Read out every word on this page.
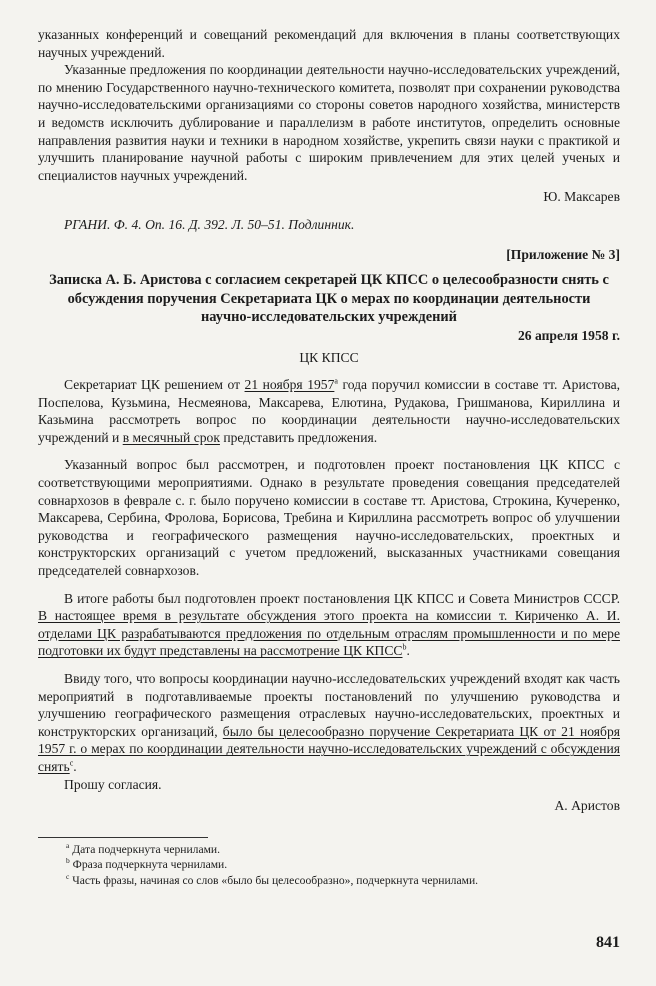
указанных конференций и совещаний рекомендаций для включения в планы соответствующих научных учреждений.

Указанные предложения по координации деятельности научно-исследовательских учреждений, по мнению Государственного научно-технического комитета, позволят при сохранении руководства научно-исследовательскими организациями со стороны советов народного хозяйства, министерств и ведомств исключить дублирование и параллелизм в работе институтов, определить основные направления развития науки и техники в народном хозяйстве, укрепить связи науки с практикой и улучшить планирование научной работы с широким привлечением для этих целей ученых и специалистов научных учреждений.

Ю. Максарев

РГАНИ. Ф. 4. Оп. 16. Д. 392. Л. 50–51. Подлинник.

[Приложение № 3]

Записка А. Б. Аристова с согласием секретарей ЦК КПСС о целесообразности снять с обсуждения поручения Секретариата ЦК о мерах по координации деятельности научно-исследовательских учреждений

26 апреля 1958 г.

ЦК КПСС

Секретариат ЦК решением от 21 ноября 1957$^a$ года поручил комиссии в составе тт. Аристова, Поспелова, Кузьмина, Несмеянова, Максарева, Елютина, Рудакова, Гришманова, Кириллина и Казьмина рассмотреть вопрос по координации деятельности научно-исследовательских учреждений и в месячный срок представить предложения.

Указанный вопрос был рассмотрен, и подготовлен проект постановления ЦК КПСС с соответствующими мероприятиями. Однако в результате проведения совещания председателей совнархозов в феврале с. г. было поручено комиссии в составе тт. Аристова, Строкина, Кучеренко, Максарева, Сербина, Фролова, Борисова, Требина и Кириллина рассмотреть вопрос об улучшении руководства и географического размещения научно-исследовательских, проектных и конструкторских организаций с учетом предложений, высказанных участниками совещания председателей совнархозов.

В итоге работы был подготовлен проект постановления ЦК КПСС и Совета Министров СССР. В настоящее время в результате обсуждения этого проекта на комиссии т. Кириченко А. И. отделами ЦК разрабатываются предложения по отдельным отраслям промышленности и по мере подготовки их будут представлены на рассмотрение ЦК КПСС$^b$.

Ввиду того, что вопросы координации научно-исследовательских учреждений входят как часть мероприятий в подготавливаемые проекты постановлений по улучшению руководства и улучшению географического размещения отраслевых научно-исследовательских, проектных и конструкторских организаций, было бы целесообразно поручение Секретариата ЦК от 21 ноября 1957 г. о мерах по координации деятельности научно-исследовательских учреждений с обсуждения снять$^c$.

Прошу согласия.

А. Аристов

$^a$ Дата подчеркнута чернилами.

$^b$ Фраза подчеркнута чернилами.

$^c$ Часть фразы, начиная со слов «было бы целесообразно», подчеркнута чернилами.

841
